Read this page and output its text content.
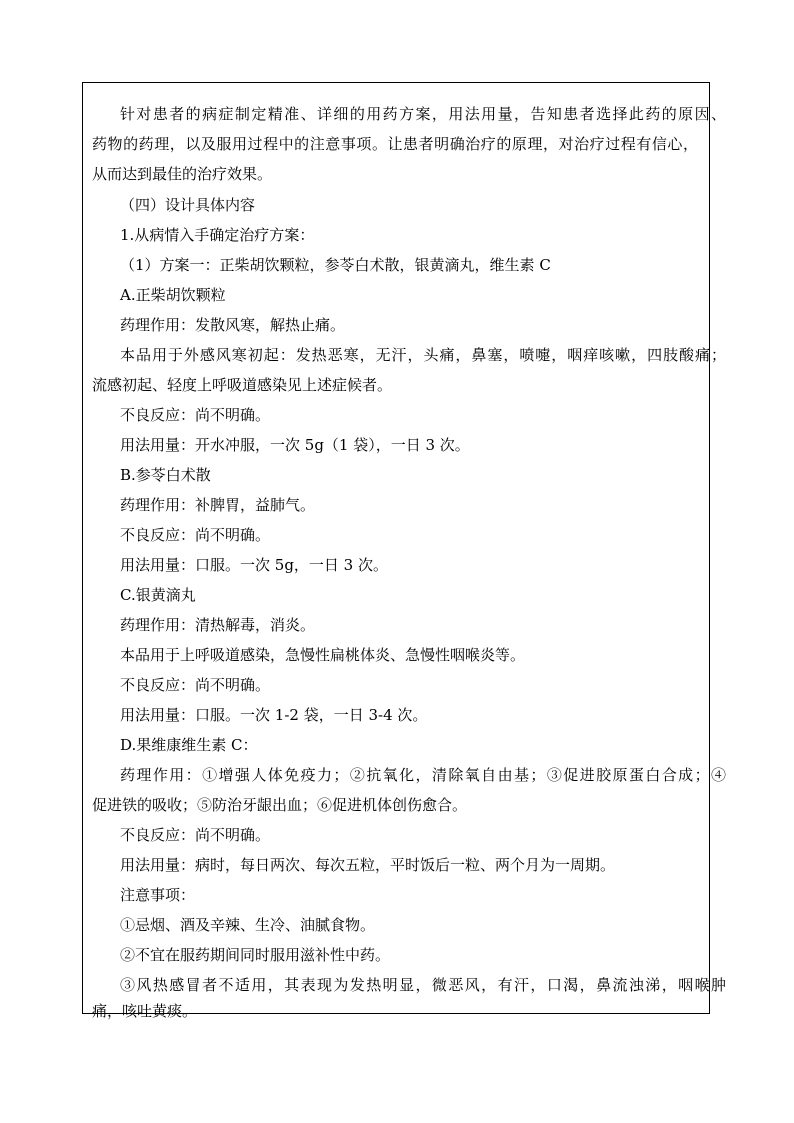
针对患者的病症制定精准、详细的用药方案，用法用量，告知患者选择此药的原因、
药物的药理，以及服用过程中的注意事项。让患者明确治疗的原理，对治疗过程有信心，
从而达到最佳的治疗效果。
（四）设计具体内容
1.从病情入手确定治疗方案：
（1）方案一：正柴胡饮颗粒，参苓白术散，银黄滴丸，维生素 C
A.正柴胡饮颗粒
药理作用：发散风寒，解热止痛。
本品用于外感风寒初起：发热恶寒，无汗，头痛，鼻塞，喷嚏，咽痒咳嗽，四肢酸痛；
流感初起、轻度上呼吸道感染见上述症候者。
不良反应：尚不明确。
用法用量：开水冲服，一次 5g（1 袋），一日 3 次。
B.参苓白术散
药理作用：补脾胃，益肺气。
不良反应：尚不明确。
用法用量：口服。一次 5g，一日 3 次。
C.银黄滴丸
药理作用：清热解毒，消炎。
本品用于上呼吸道感染，急慢性扁桃体炎、急慢性咽喉炎等。
不良反应：尚不明确。
用法用量：口服。一次 1-2 袋，一日 3-4 次。
D.果维康维生素 C：
药理作用：①增强人体免疫力；②抗氧化，清除氧自由基；③促进胶原蛋白合成；④
促进铁的吸收；⑤防治牙龈出血；⑥促进机体创伤愈合。
不良反应：尚不明确。
用法用量：病时，每日两次、每次五粒，平时饭后一粒、两个月为一周期。
注意事项：
①忌烟、酒及辛辣、生冷、油腻食物。
②不宜在服药期间同时服用滋补性中药。
③风热感冒者不适用，其表现为发热明显，微恶风，有汗，口渴，鼻流浊涕，咽喉肿
痛，咳吐黄痰。
